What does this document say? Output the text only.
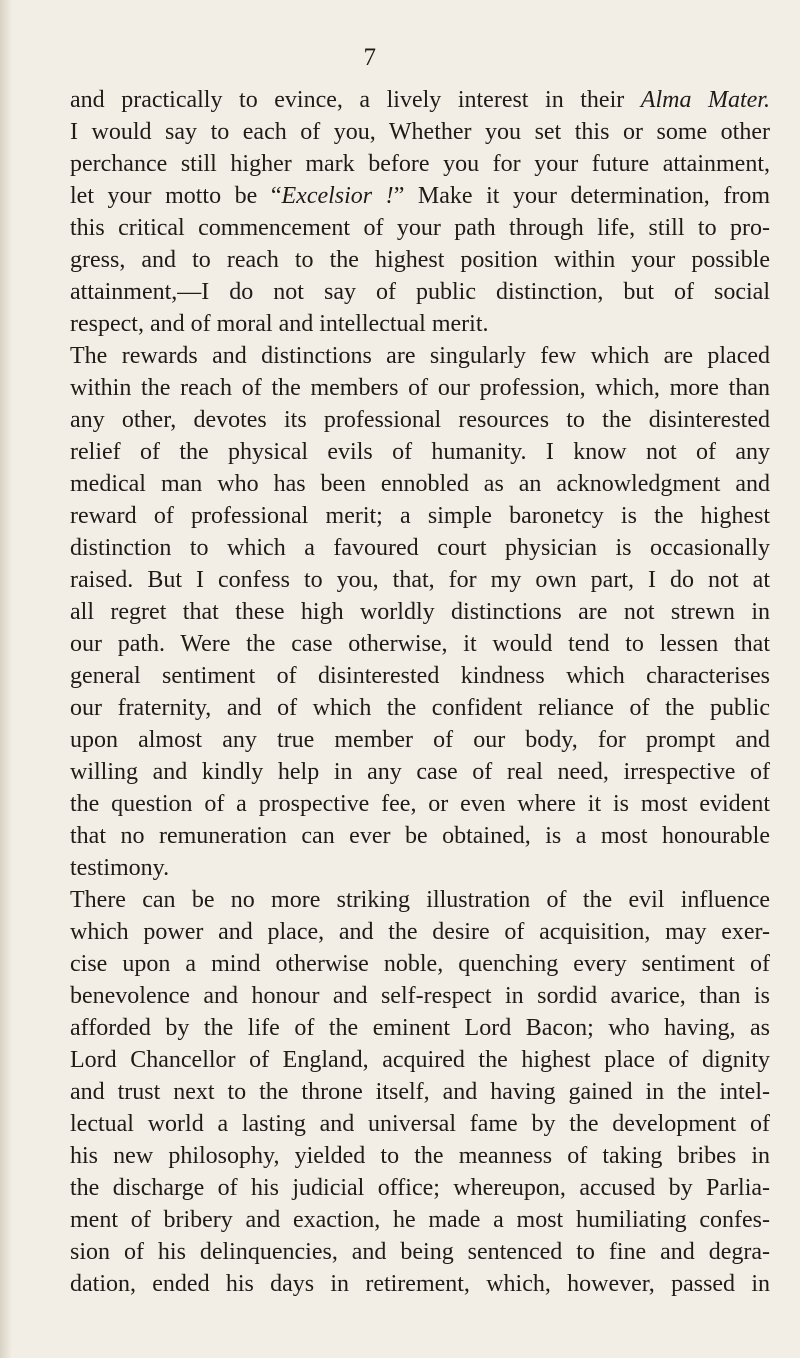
7
and practically to evince, a lively interest in their Alma Mater.
I would say to each of you, Whether you set this or some other
perchance still higher mark before you for your future attainment,
let your motto be “Excelsior !” Make it your determination, from
this critical commencement of your path through life, still to pro-
gress, and to reach to the highest position within your possible
attainment,—I do not say of public distinction, but of social
respect, and of moral and intellectual merit.
The rewards and distinctions are singularly few which are placed
within the reach of the members of our profession, which, more than
any other, devotes its professional resources to the disinterested
relief of the physical evils of humanity. I know not of any
medical man who has been ennobled as an acknowledgment and
reward of professional merit; a simple baronetcy is the highest
distinction to which a favoured court physician is occasionally
raised. But I confess to you, that, for my own part, I do not at
all regret that these high worldly distinctions are not strewn in
our path. Were the case otherwise, it would tend to lessen that
general sentiment of disinterested kindness which characterises
our fraternity, and of which the confident reliance of the public
upon almost any true member of our body, for prompt and
willing and kindly help in any case of real need, irrespective of
the question of a prospective fee, or even where it is most evident
that no remuneration can ever be obtained, is a most honourable
testimony.
There can be no more striking illustration of the evil influence
which power and place, and the desire of acquisition, may exer-
cise upon a mind otherwise noble, quenching every sentiment of
benevolence and honour and self-respect in sordid avarice, than is
afforded by the life of the eminent Lord Bacon; who having, as
Lord Chancellor of England, acquired the highest place of dignity
and trust next to the throne itself, and having gained in the intel-
lectual world a lasting and universal fame by the development of
his new philosophy, yielded to the meanness of taking bribes in
the discharge of his judicial office; whereupon, accused by Parlia-
ment of bribery and exaction, he made a most humiliating confes-
sion of his delinquencies, and being sentenced to fine and degra-
dation, ended his days in retirement, which, however, passed in
